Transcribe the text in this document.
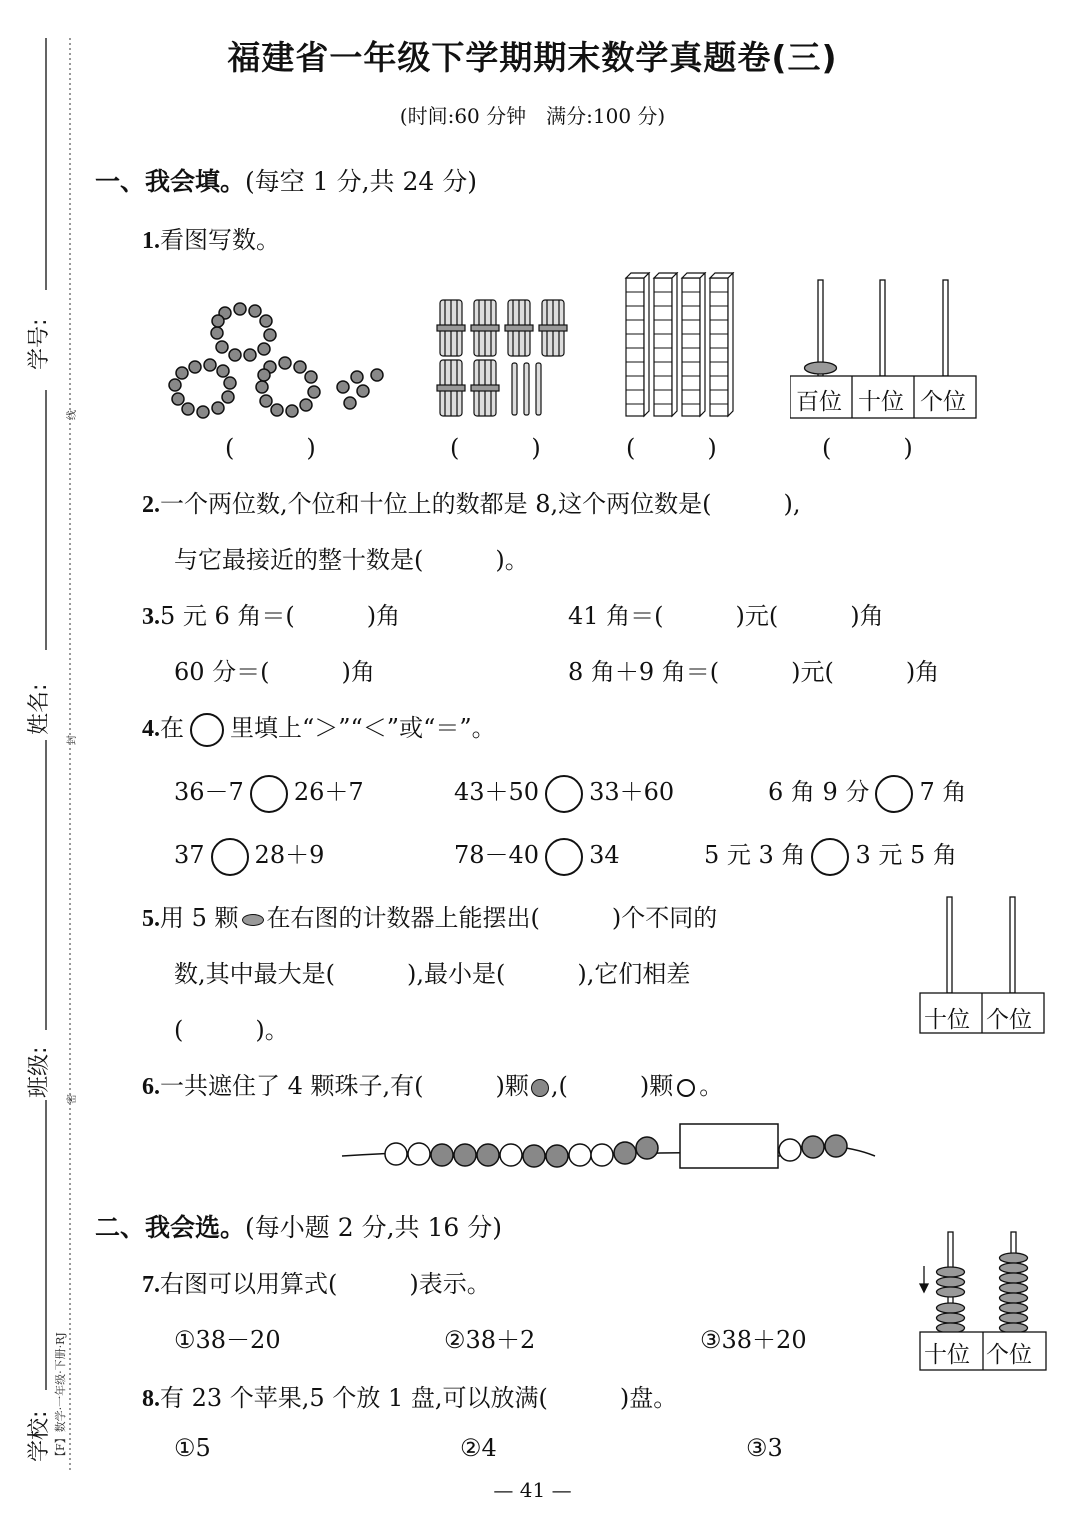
学号:
姓名:
班级:
学校:
线
封
密
【F】数学·一年级·下册·RJ
福建省一年级下学期期末数学真题卷(三)
(时间:60 分钟　满分:100 分)
一、我会填。(每空 1 分,共 24 分)
1.看图写数。
百位 十位 个位
(　　　)	(　　　)	(　　　)	(　　　)
2.一个两位数,个位和十位上的数都是 8,这个两位数是(　　　),
与它最接近的整十数是(　　　)。
3.5 元 6 角＝(　　　)角	41 角＝(　　　)元(　　　)角
60 分＝(　　　)角	8 角＋9 角＝(　　　)元(　　　)角
4.在 里填上“＞”“＜”或“＝”。
36－7 26＋7	43＋50 33＋60	6 角 9 分 7 角
37 28＋9	78－40 34	5 元 3 角 3 元 5 角
5.用 5 颗 在右图的计数器上能摆出(　　　)个不同的
数,其中最大是(　　　),最小是(　　　),它们相差
(　　　)。	十位 个位
6.一共遮住了 4 颗珠子,有(　　　)颗 ,(　　　)颗 。
二、我会选。(每小题 2 分,共 16 分)
7.右图可以用算式(　　　)表示。
①38－20	②38＋2	③38＋20
十位 个位
8.有 23 个苹果,5 个放 1 盘,可以放满(　　　)盘。
①5	②4	③3
— 41 —
